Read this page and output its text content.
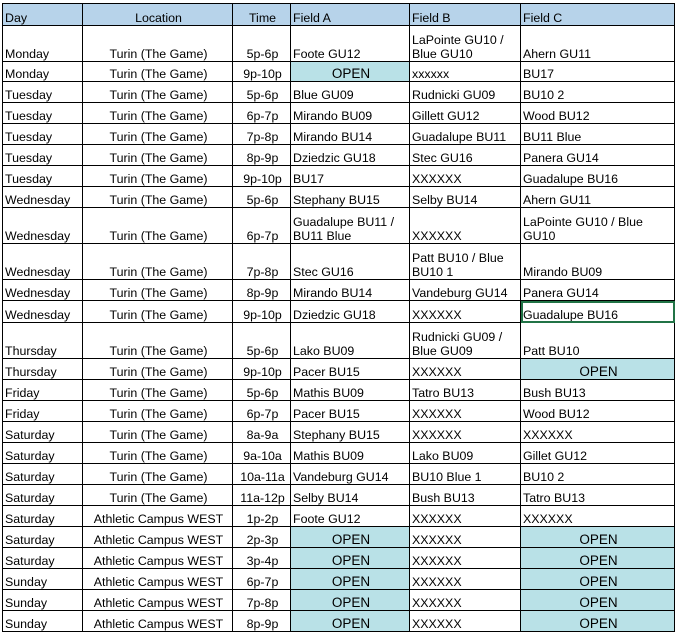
Day	Location	Time	Field A	Field B	Field C
Monday	Turin (The Game)	5p-6p	Foote GU12	LaPointe GU10 / Blue GU10	Ahern GU11
Monday	Turin (The Game)	9p-10p	OPEN	xxxxxx	BU17
Tuesday	Turin (The Game)	5p-6p	Blue GU09	Rudnicki GU09	BU10 2
Tuesday	Turin (The Game)	6p-7p	Mirando BU09	Gillett GU12	Wood BU12
Tuesday	Turin (The Game)	7p-8p	Mirando BU14	Guadalupe BU11	BU11 Blue
Tuesday	Turin (The Game)	8p-9p	Dziedzic GU18	Stec GU16	Panera GU14
Tuesday	Turin (The Game)	9p-10p	BU17	XXXXXX	Guadalupe BU16
Wednesday	Turin (The Game)	5p-6p	Stephany BU15	Selby BU14	Ahern GU11
Wednesday	Turin (The Game)	6p-7p	Guadalupe BU11 / BU11 Blue	XXXXXX	LaPointe GU10 / Blue GU10
Wednesday	Turin (The Game)	7p-8p	Stec GU16	Patt BU10 / Blue BU10 1	Mirando BU09
Wednesday	Turin (The Game)	8p-9p	Mirando BU14	Vandeburg GU14	Panera GU14
Wednesday	Turin (The Game)	9p-10p	Dziedzic GU18	XXXXXX	Guadalupe BU16
Thursday	Turin (The Game)	5p-6p	Lako BU09	Rudnicki GU09 / Blue GU09	Patt BU10
Thursday	Turin (The Game)	9p-10p	Pacer BU15	XXXXXX	OPEN
Friday	Turin (The Game)	5p-6p	Mathis BU09	Tatro BU13	Bush BU13
Friday	Turin (The Game)	6p-7p	Pacer BU15	XXXXXX	Wood BU12
Saturday	Turin (The Game)	8a-9a	Stephany BU15	XXXXXX	XXXXXX
Saturday	Turin (The Game)	9a-10a	Mathis BU09	Lako BU09	Gillet GU12
Saturday	Turin (The Game)	10a-11a	Vandeburg GU14	BU10 Blue 1	BU10 2
Saturday	Turin (The Game)	11a-12p	Selby BU14	Bush BU13	Tatro BU13
Saturday	Athletic Campus WEST	1p-2p	Foote GU12	XXXXXX	XXXXXX
Saturday	Athletic Campus WEST	2p-3p	OPEN	XXXXXX	OPEN
Saturday	Athletic Campus WEST	3p-4p	OPEN	XXXXXX	OPEN
Sunday	Athletic Campus WEST	6p-7p	OPEN	XXXXXX	OPEN
Sunday	Athletic Campus WEST	7p-8p	OPEN	XXXXXX	OPEN
Sunday	Athletic Campus WEST	8p-9p	OPEN	XXXXXX	OPEN
